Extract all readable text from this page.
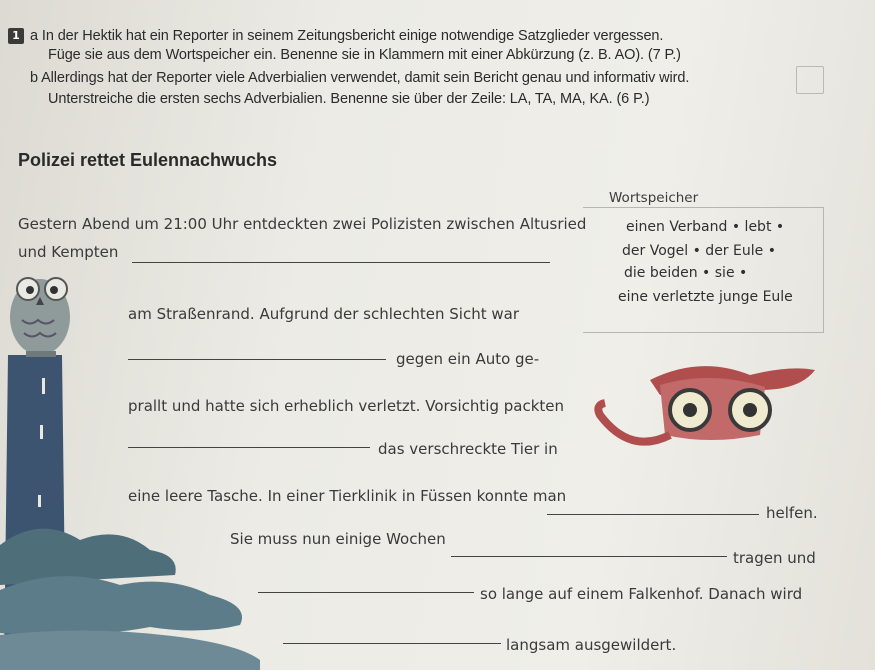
1 a In der Hektik hat ein Reporter in seinem Zeitungsbericht einige notwendige Satzglieder vergessen.
Füge sie aus dem Wortspeicher ein. Benenne sie in Klammern mit einer Abkürzung (z. B. AO). (7 P.)
b Allerdings hat der Reporter viele Adverbialien verwendet, damit sein Bericht genau und informativ wird.
Unterstreiche die ersten sechs Adverbialien. Benenne sie über der Zeile: LA, TA, MA, KA. (6 P.)
Polizei rettet Eulennachwuchs
Wortspeicher
einen Verband • lebt •
der Vogel • der Eule •
die beiden • sie •
eine verletzte junge Eule
Gestern Abend um 21:00 Uhr entdeckten zwei Polizisten zwischen Altusried
und Kempten
am Straßenrand. Aufgrund der schlechten Sicht war
gegen ein Auto ge-
prallt und hatte sich erheblich verletzt. Vorsichtig packten
das verschreckte Tier in
eine leere Tasche. In einer Tierklinik in Füssen konnte man
helfen.
Sie muss nun einige Wochen
tragen und
so lange auf einem Falkenhof. Danach wird
langsam ausgewildert.
